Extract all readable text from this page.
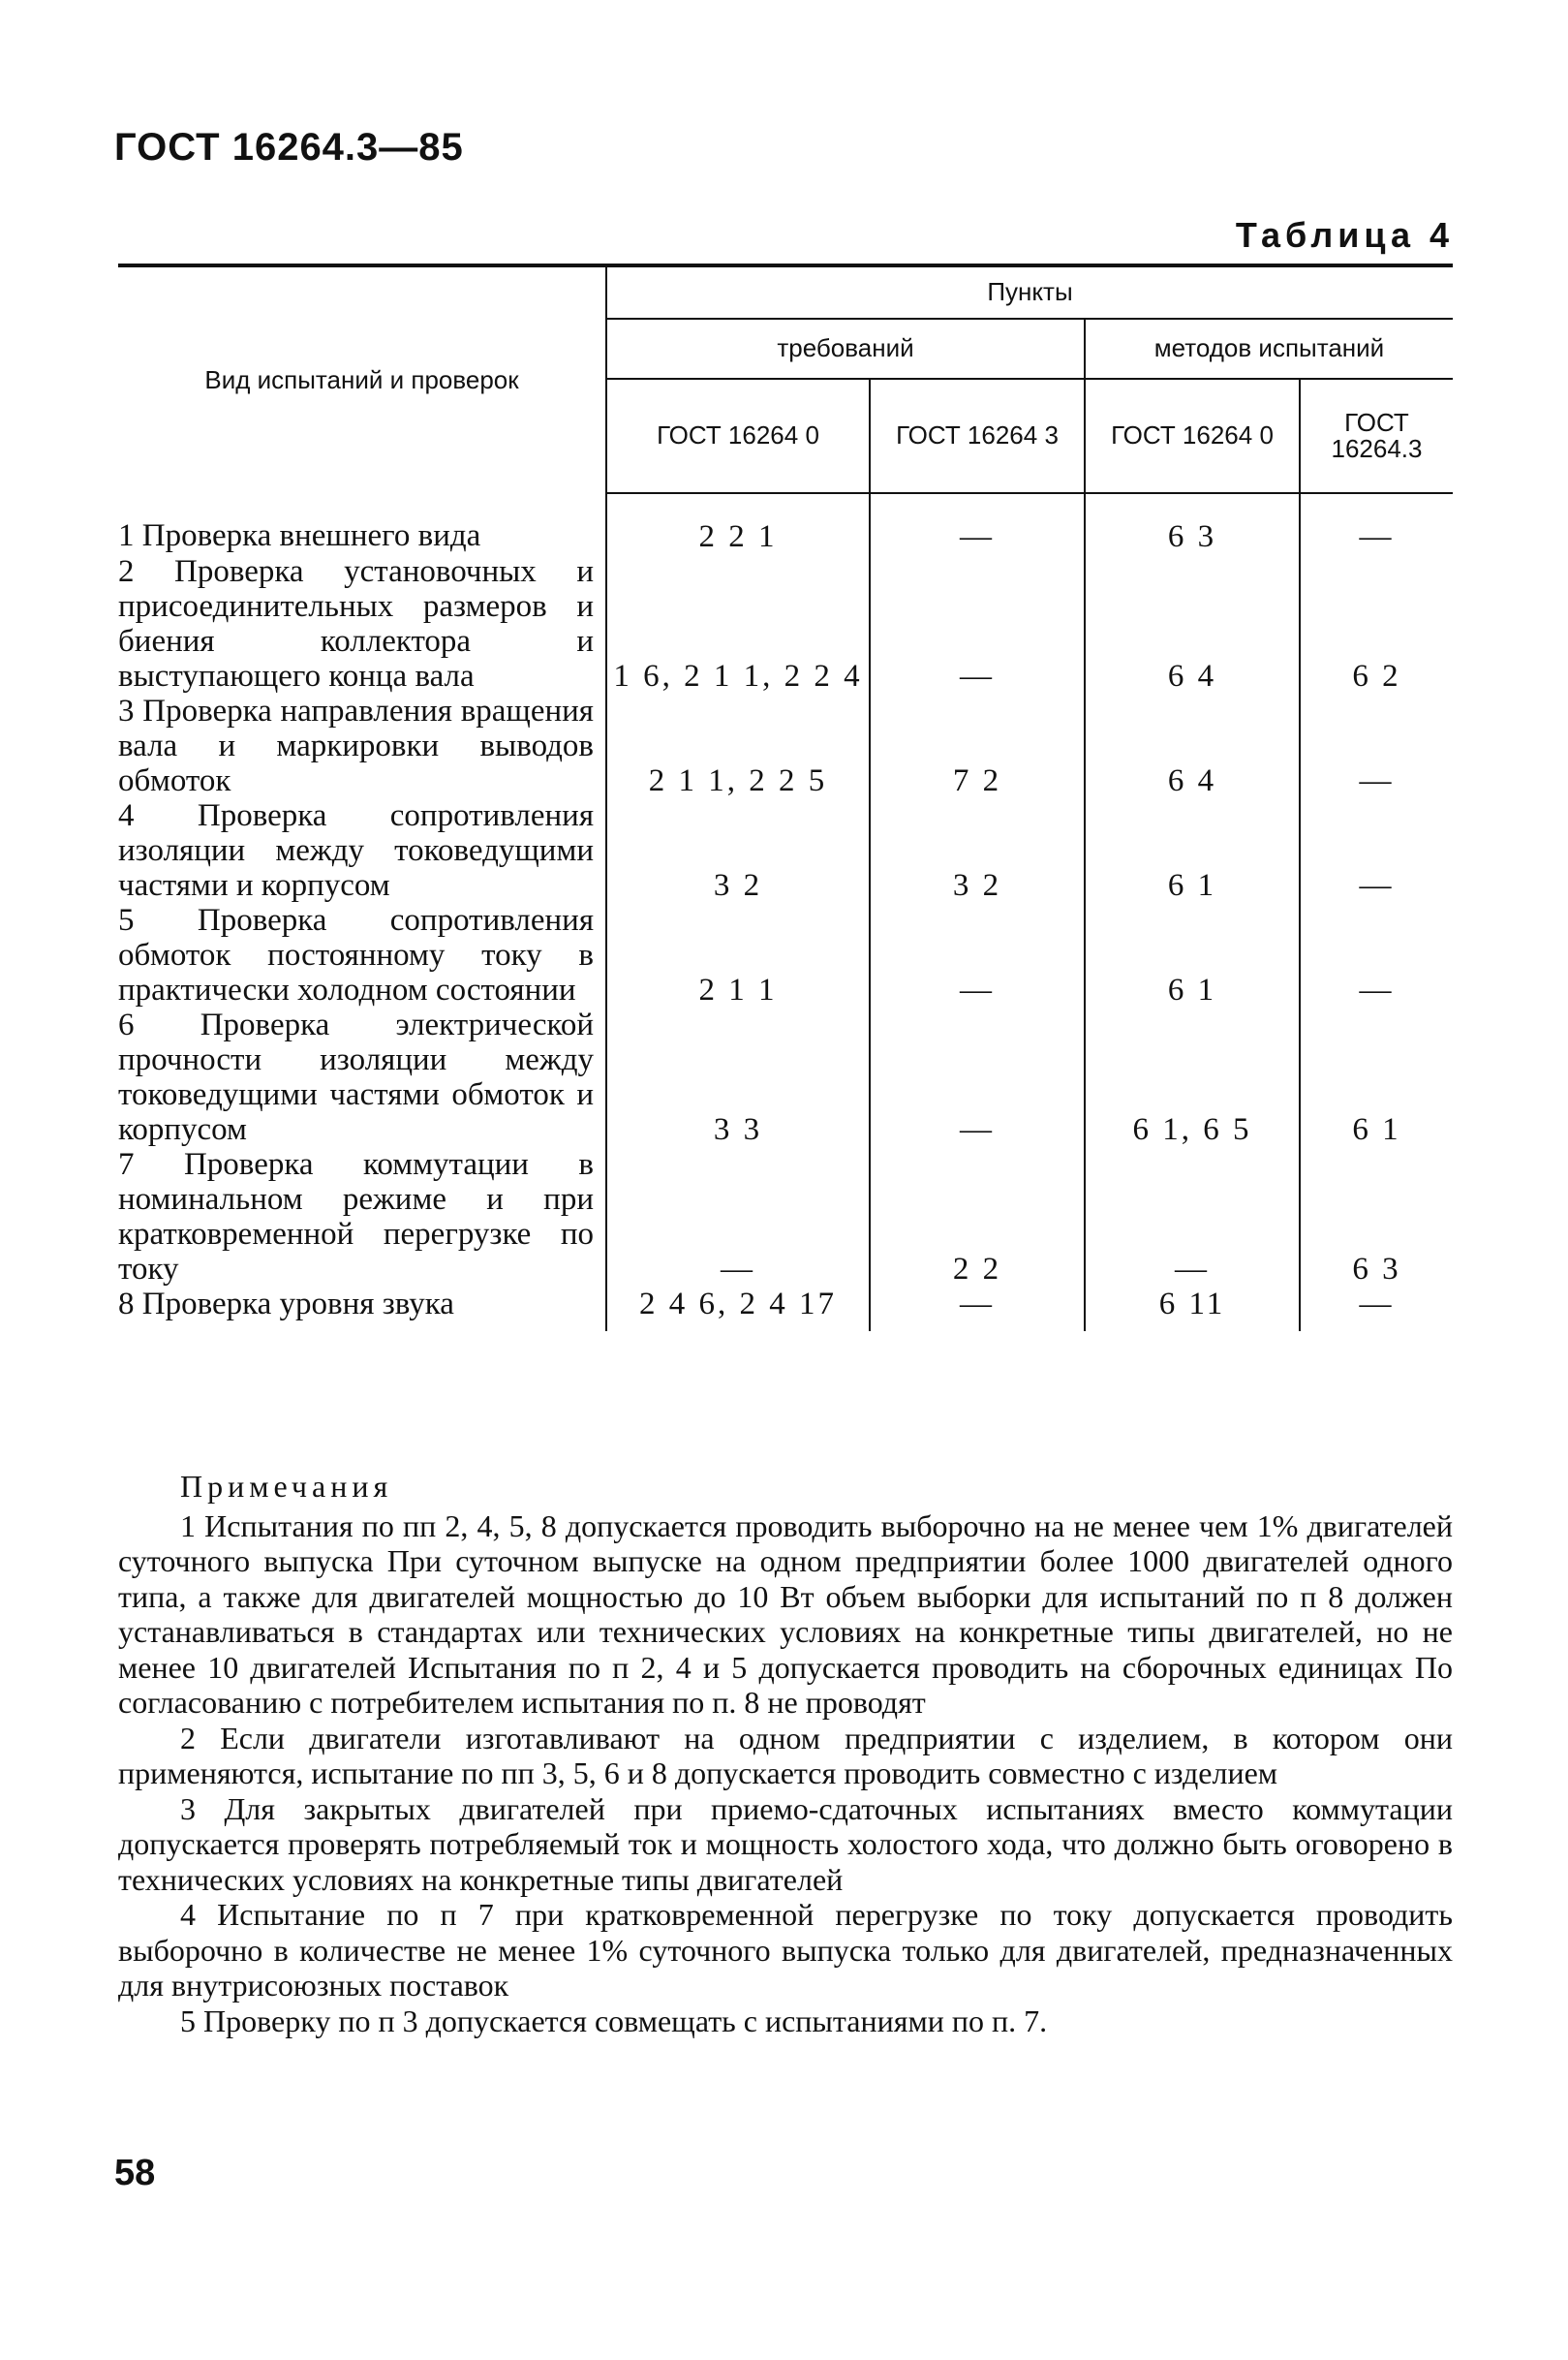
ГОСТ 16264.3—85
Таблица 4
Вид испытаний и проверок	Пункты			
	требований		методов испытаний	
	ГОСТ 16264 0	ГОСТ 16264 3	ГОСТ 16264 0	ГОСТ 16264.3
1 Проверка внешнего вида	2 2 1	—	6 3	—
2 Проверка установочных и присоединительных размеров и биения коллектора и выступающего конца вала	1 6, 2 1 1, 2 2 4	—	6 4	6 2
3 Проверка направления вращения вала и маркировки выводов обмоток	2 1 1, 2 2 5	7 2	6 4	—
4 Проверка сопротивления изоляции между токоведущими частями и корпусом	3 2	3 2	6 1	—
5 Проверка сопротивления обмоток постоянному току в практически холодном состоянии	2 1 1	—	6 1	—
6 Проверка электрической прочности изоляции между токоведущими частями обмоток и корпусом	3 3	—	6 1, 6 5	6 1
7 Проверка коммутации в номинальном режиме и при кратковременной перегрузке по току	—	2 2	—	6 3
8 Проверка уровня звука	2 4 6, 2 4 17	—	6 11	—
Примечания

1 Испытания по пп 2, 4, 5, 8 допускается проводить выборочно на не менее чем 1% двигателей суточного выпуска При суточном выпуске на одном предприятии более 1000 двигателей одного типа, а также для двигателей мощностью до 10 Вт объем выборки для испытаний по п 8 должен устанавливаться в стандартах или технических условиях на конкретные типы двигателей, но не менее 10 двигателей Испытания по п 2, 4 и 5 допускается проводить на сборочных единицах По согласованию с потребителем испытания по п. 8 не проводят

2 Если двигатели изготавливают на одном предприятии с изделием, в котором они применяются, испытание по пп 3, 5, 6 и 8 допускается проводить совместно с изделием

3 Для закрытых двигателей при приемо-сдаточных испытаниях вместо коммутации допускается проверять потребляемый ток и мощность холостого хода, что должно быть оговорено в технических условиях на конкретные типы двигателей

4 Испытание по п 7 при кратковременной перегрузке по току допускается проводить выборочно в количестве не менее 1% суточного выпуска только для двигателей, предназначенных для внутрисоюзных поставок

5 Проверку по п 3 допускается совмещать с испытаниями по п. 7.

58
